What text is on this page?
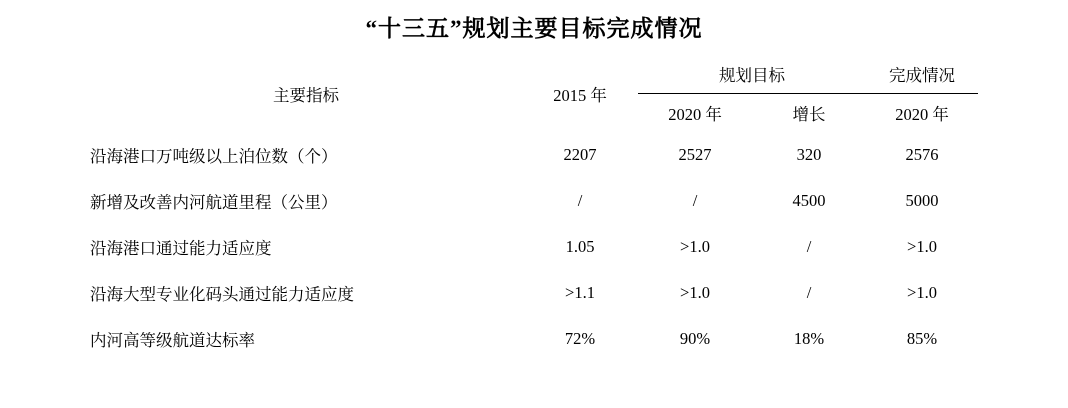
“十三五”规划主要目标完成情况
主要指标	2015 年	规划目标		完成情况
		2020 年	增长	2020 年
沿海港口万吨级以上泊位数（个）	2207	2527	320	2576
新增及改善内河航道里程（公里）	/	/	4500	5000
沿海港口通过能力适应度	1.05	>1.0	/	>1.0
沿海大型专业化码头通过能力适应度	>1.1	>1.0	/	>1.0
内河高等级航道达标率	72%	90%	18%	85%
